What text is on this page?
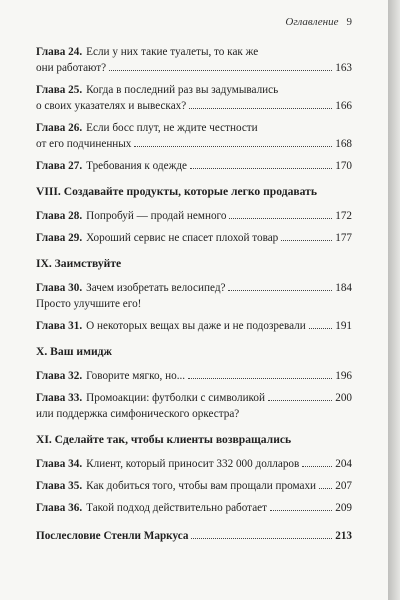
Оглавление 9
Глава 24. Если у них такие туалеты, то как же
они работают?	163
Глава 25. Когда в последний раз вы задумывались
о своих указателях и вывесках?	166
Глава 26. Если босс плут, не ждите честности
от его подчиненных	168
Глава 27. Требования к одежде	170
VIII. Создавайте продукты, которые легко продавать
Глава 28. Попробуй — продай немного	172
Глава 29. Хороший сервис не спасет плохой товар	177
IX. Заимствуйте
Глава 30. Зачем изобретать велосипед?	184
Просто улучшите его!
Глава 31. О некоторых вещах вы даже и не подозревали	191
X. Ваш имидж
Глава 32. Говорите мягко, но...	196
Глава 33. Промоакции: футболки с символикой	200
или поддержка симфонического оркестра?
XI. Сделайте так, чтобы клиенты возвращались
Глава 34. Клиент, который приносит 332 000 долларов	204
Глава 35. Как добиться того, чтобы вам прощали промахи 207
Глава 36. Такой подход действительно работает	209
Послесловие Стенли Маркуса	213
